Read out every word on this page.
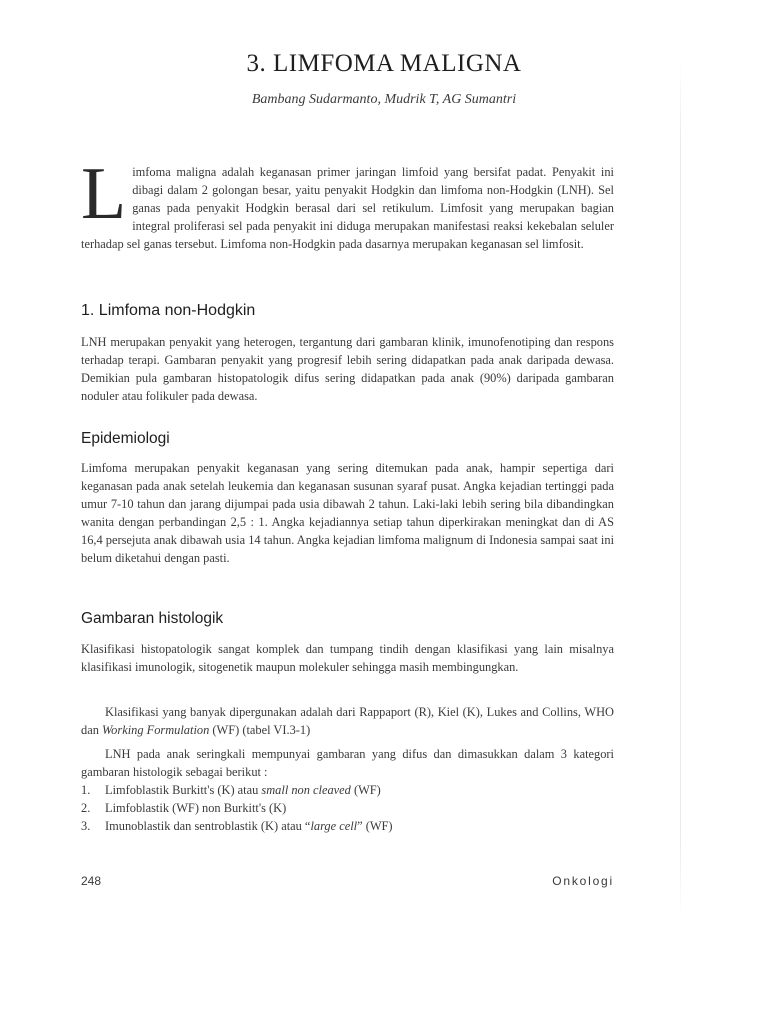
3. LIMFOMA MALIGNA
Bambang Sudarmanto, Mudrik T, AG Sumantri
Limfoma maligna adalah keganasan primer jaringan limfoid yang bersifat padat. Penyakit ini dibagi dalam 2 golongan besar, yaitu penyakit Hodgkin dan limfoma non-Hodgkin (LNH). Sel ganas pada penyakit Hodgkin berasal dari sel retikulum. Limfosit yang merupakan bagian integral proliferasi sel pada penyakit ini diduga merupakan manifestasi reaksi kekebalan seluler terhadap sel ganas tersebut. Limfoma non-Hodgkin pada dasarnya merupakan keganasan sel limfosit.
1. Limfoma non-Hodgkin

LNH merupakan penyakit yang heterogen, tergantung dari gambaran klinik, imunofenotiping dan respons terhadap terapi. Gambaran penyakit yang progresif lebih sering didapatkan pada anak daripada dewasa. Demikian pula gambaran histopatologik difus sering didapatkan pada anak (90%) daripada gambaran noduler atau folikuler pada dewasa.

Epidemiologi

Limfoma merupakan penyakit keganasan yang sering ditemukan pada anak, hampir sepertiga dari keganasan pada anak setelah leukemia dan keganasan susunan syaraf pusat. Angka kejadian tertinggi pada umur 7-10 tahun dan jarang dijumpai pada usia dibawah 2 tahun. Laki-laki lebih sering bila dibandingkan wanita dengan perbandingan 2,5 : 1. Angka kejadiannya setiap tahun diperkirakan meningkat dan di AS 16,4 persejuta anak dibawah usia 14 tahun. Angka kejadian limfoma malignum di Indonesia sampai saat ini belum diketahui dengan pasti.

Gambaran histologik

Klasifikasi histopatologik sangat komplek dan tumpang tindih dengan klasifikasi yang lain misalnya klasifikasi imunologik, sitogenetik maupun molekuler sehingga masih membingungkan.

Klasifikasi yang banyak dipergunakan adalah dari Rappaport (R), Kiel (K), Lukes and Collins, WHO dan Working Formulation (WF) (tabel VI.3-1)

LNH pada anak seringkali mempunyai gambaran yang difus dan dimasukkan dalam 3 kategori gambaran histologik sebagai berikut :

1.	Limfoblastik Burkitt's (K) atau small non cleaved (WF)
2.	Limfoblastik (WF) non Burkitt's (K)
3.	Imunoblastik dan sentroblastik (K) atau “large cell” (WF)
248	Onkologi
